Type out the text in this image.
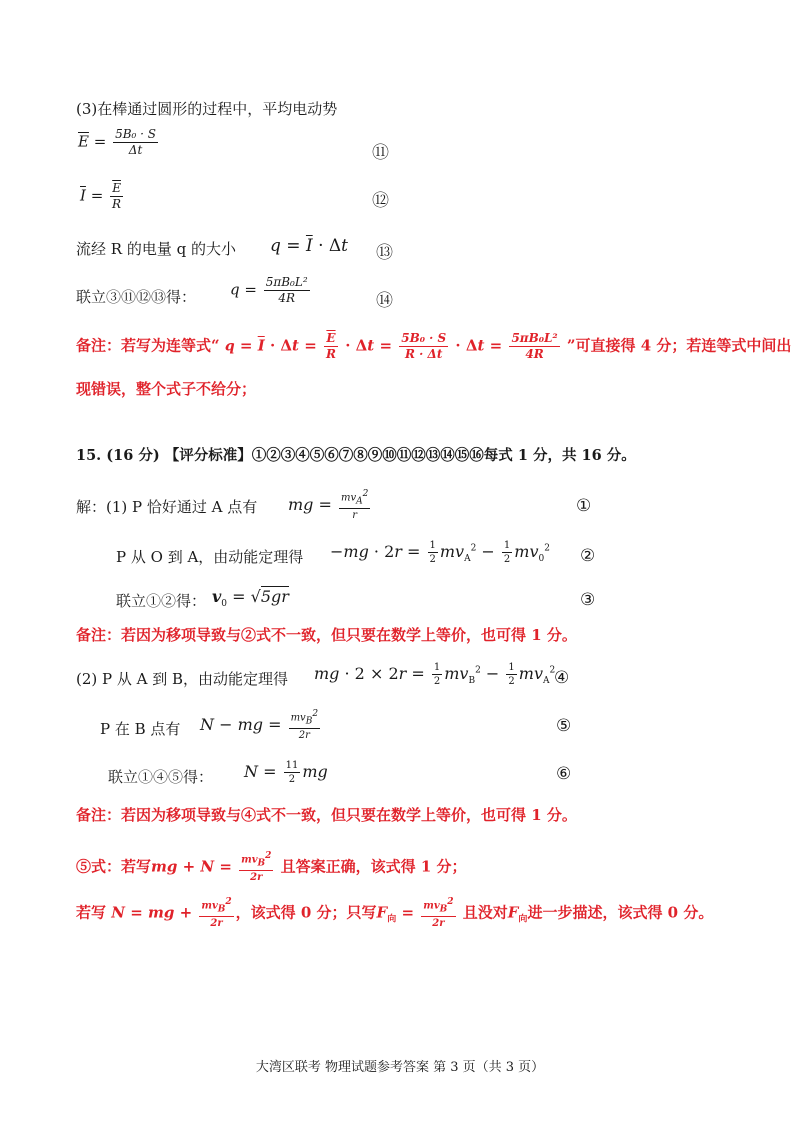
(3)在棒通过圆形的过程中，平均电动势
$\overline{E} = \frac{\text{5B₀ · S}}{\Delta t}$	⑪
$\overline{I} = \frac{\overline{E}}{R}$	⑫
流经 R 的电量 q 的大小 $q = \overline{I} \cdot \Delta t$ ⑬
联立③⑪⑫⑬得： $q = \frac{\text{5πB₀L²}}{4R}$	⑭
备注：若写为连等式“ $q = \overline{I} \cdot \Delta t = \frac{\overline{E}}{R} \cdot \Delta t = \frac{\text{5B₀ · S}}{R \cdot \Delta t} \cdot \Delta t = \frac{\text{5πB₀L²}}{4R}$ ”可直接得 4 分；若连等式中间出
现错误，整个式子不给分；
15. (16 分) 【评分标准】①②③④⑤⑥⑦⑧⑨⑩⑪⑫⑬⑭⑮⑯每式 1 分，共 16 分。
解：(1) P 恰好通过 A 点有 mg = $\frac{mv_A^2}{r}$	①
P 从 O 到 A，由动能定理得 $-mg \cdot 2r = \frac{1}{2} mv_A^2 - \frac{1}{2} mv_0^2$ ②
联立①②得： $v_0 = √5gr$	③
备注：若因为移项导致与②式不一致，但只要在数学上等价，也可得 1 分。
(2) P 从 A 到 B，由动能定理得 mg · $2 \times 2r = \frac{1}{2} mv_B^2 - \frac{1}{2} mv_A^2$
④
P 在 B 点有 N − mg = $\frac{mv_B^2}{2r}$	⑤
联立①④⑤得： $N = \frac{11}{2}$ mg	⑥
备注：若因为移项导致与④式不一致，但只要在数学上等价，也可得 1 分。
⑤式：若写mg + $N = \frac{mv_B^2}{2r}$ 且答案正确，该式得 1 分；
若写 N = mg + $\frac{mv_B^2}{2r}$ ，该式得 0 分；只写$F_向 = \frac{mv_B^2}{2r}$ 且没对$F_向$进一步描述，该式得 0 分。
大湾区联考 物理试题参考答案 第 3 页（共 3 页）
